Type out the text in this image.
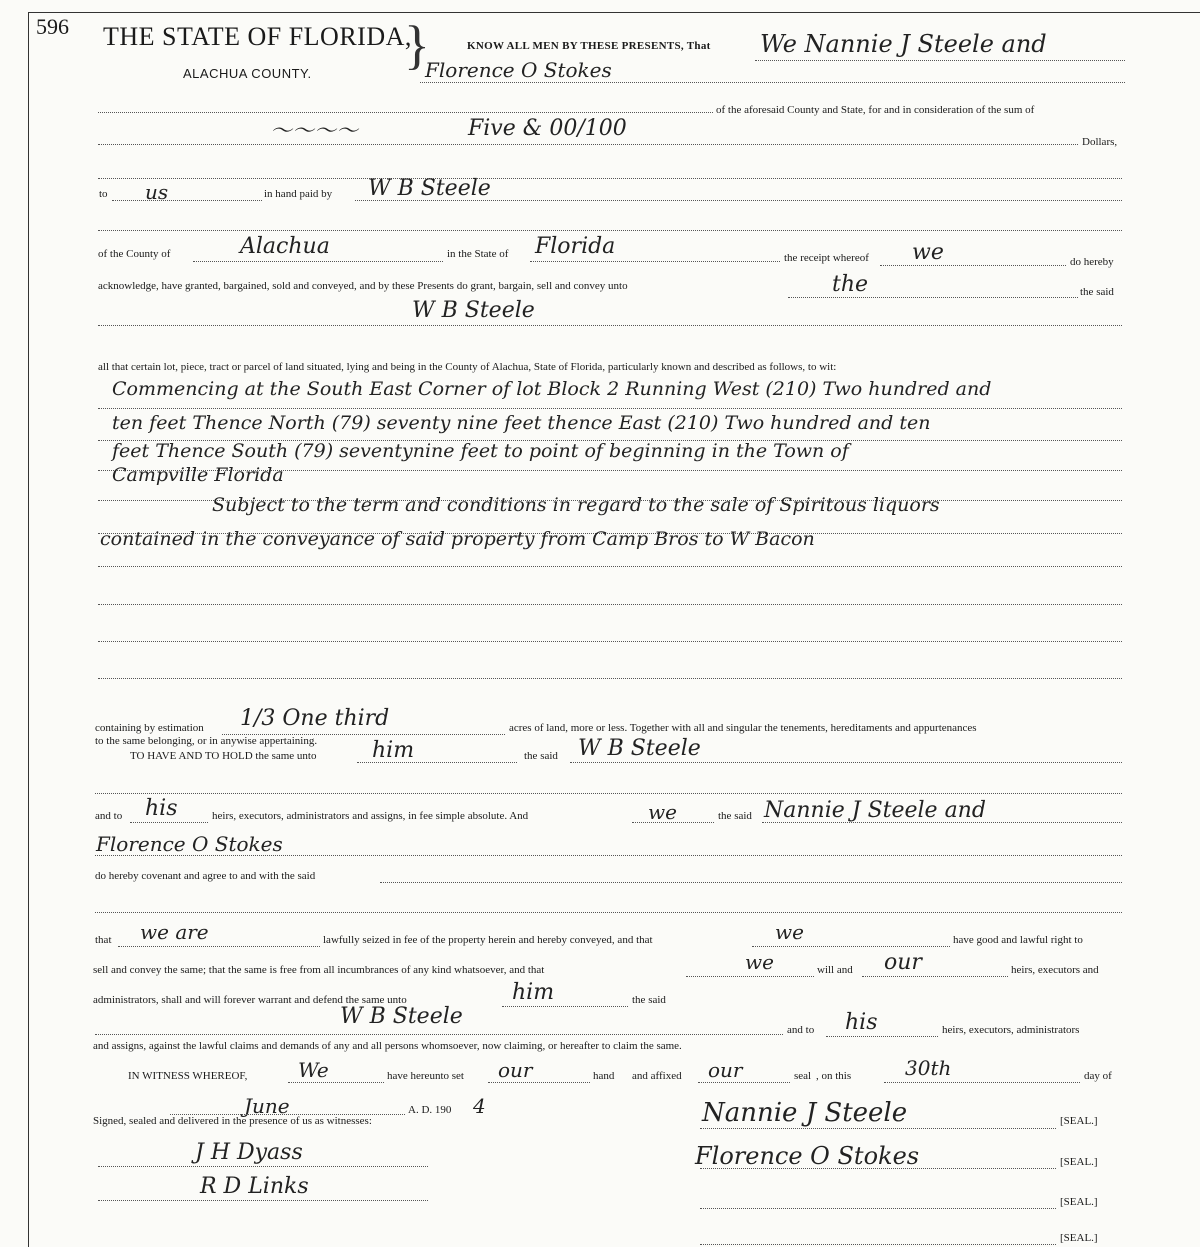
596 THE STATE OF FLORIDA,
ALACHUA COUNTY. }	KNOW ALL MEN BY THESE PRESENTS, That We Nannie J Steele and
Florence O Stokes
of the aforesaid County and State, for and in consideration of the sum of
〜〜〜〜	Five & 00/100
Dollars,
to us	in hand paid by W B Steele
of the County of	Alachua	in the State of Florida	the receipt whereof we	do hereby
acknowledge, have granted, bargained, sold and conveyed, and by these Presents do grant, bargain, sell and convey unto	the	the said
W B Steele
all that certain lot, piece, tract or parcel of land situated, lying and being in the County of Alachua, State of Florida, particularly known and described as follows, to wit:
Commencing at the South East Corner of lot Block 2 Running West (210) Two hundred and
ten feet Thence North (79) seventy nine feet thence East (210) Two hundred and ten
feet Thence South (79) seventynine feet to point of beginning in the Town of
Campville Florida
Subject to the term and conditions in regard to the sale of Spiritous liquors
contained in the conveyance of said property from Camp Bros to W Bacon
containing by estimation 1/3 One third	acres of land, more or less. Together with all and singular the tenements, hereditaments and appurtenances
to the same belonging, or in anywise appertaining.
TO HAVE AND TO HOLD the same unto	him	the said W B Steele
and to his	heirs, executors, administrators and assigns, in fee simple absolute. And	we	the said Nannie J Steele and
Florence O Stokes
do hereby covenant and agree to and with the said
that we are	lawfully seized in fee of the property herein and hereby conveyed, and that	we	have good and lawful right to
sell and convey the same; that the same is free from all incumbrances of any kind whatsoever, and that	we	will and our	heirs, executors and
administrators, shall and will forever warrant and defend the same unto	him	the said
W B Steele
and to his	heirs, executors, administrators
and assigns, against the lawful claims and demands of any and all persons whomsoever, now claiming, or hereafter to claim the same.
IN WITNESS WHEREOF,	We	have hereunto set our	hand and affixed our	seal , on this	30th	day of
June	A. D. 190 4
Signed, sealed and delivered in the presence of us as witnesses:	Nannie J Steele	[SEAL.]
Florence O Stokes	[SEAL.]
[SEAL.]
[SEAL.]
J H Dyass
R D Links
